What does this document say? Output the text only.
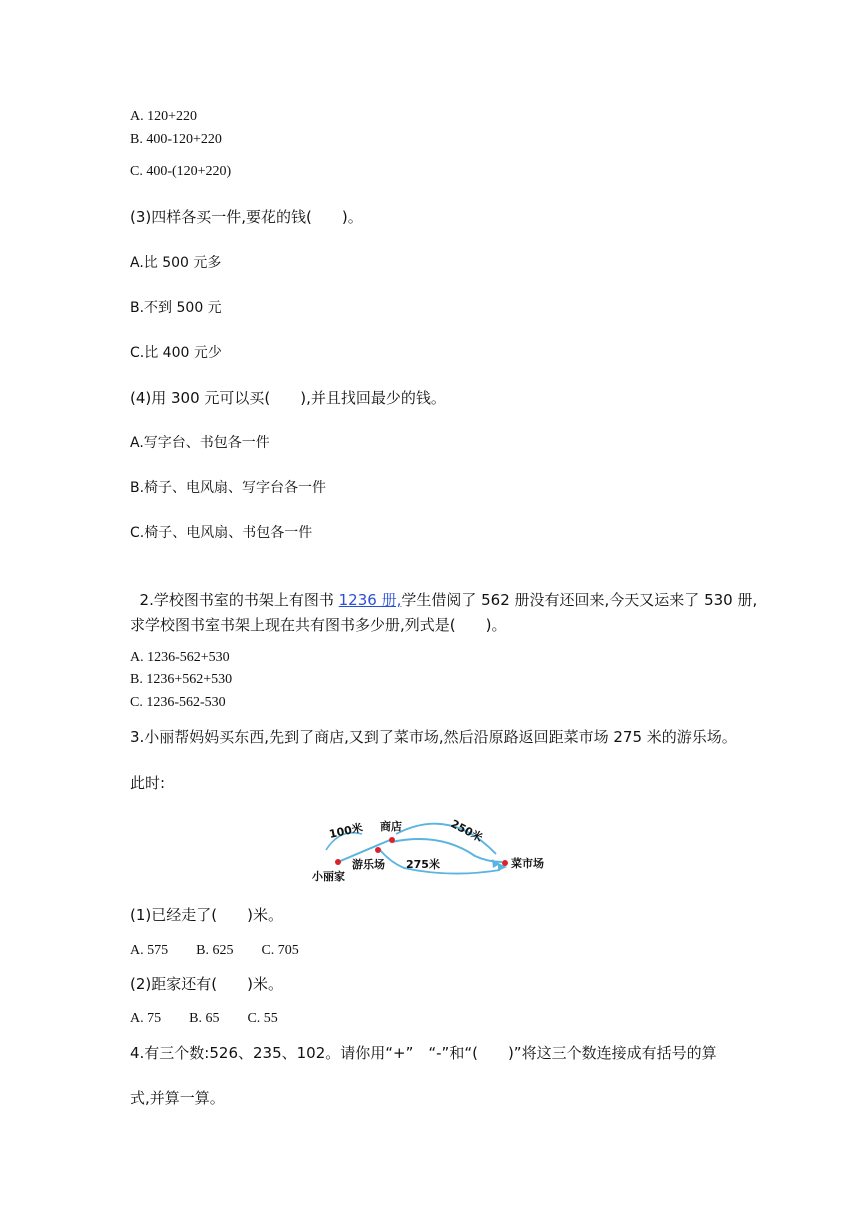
A. 120+220
B. 400-120+220
C. 400-(120+220)
(3)四样各买一件,要花的钱(　　)。
A.比 500 元多
B.不到 500 元
C.比 400 元少
(4)用 300 元可以买(　　),并且找回最少的钱。
A.写字台、书包各一件
B.椅子、电风扇、写字台各一件
C.椅子、电风扇、书包各一件

2.学校图书室的书架上有图书 1236 册,学生借阅了 562 册没有还回来,今天又运来了 530 册,

求学校图书室书架上现在共有图书多少册,列式是(　　)。
A. 1236-562+530
B. 1236+562+530
C. 1236-562-530
3.小丽帮妈妈买东西,先到了商店,又到了菜市场,然后沿原路返回距菜市场 275 米的游乐场。
此时:
100米 商店	250米
游乐场 275米	菜市场
小丽家
(1)已经走了(　　)米。
A. 575　　B. 625　　C. 705
(2)距家还有(　　)米。
A. 75　　B. 65　　C. 55
4.有三个数:526、235、102。请你用“+”　“-”和“(　　)”将这三个数连接成有括号的算
式,并算一算。
